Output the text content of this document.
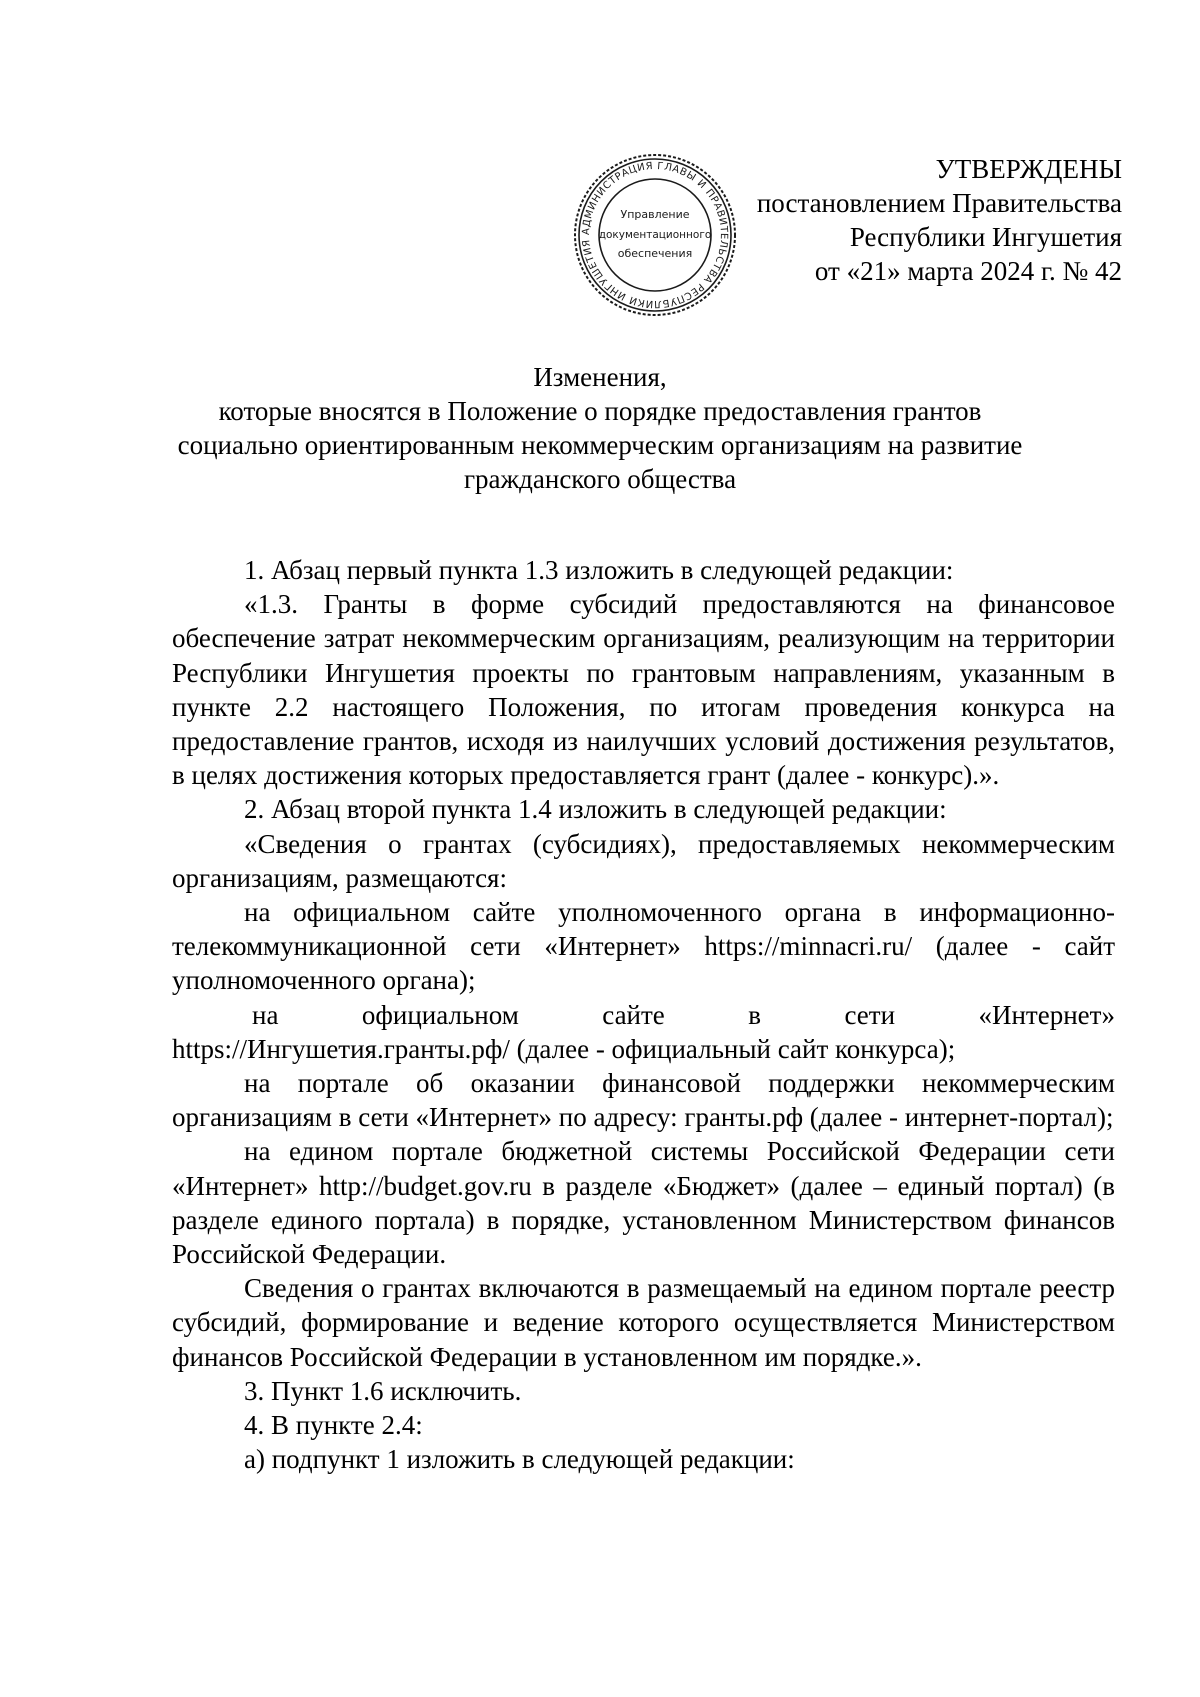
АДМИНИСТРАЦИЯ ГЛАВЫ И ПРАВИТЕЛЬСТВА РЕСПУБЛИКИ ИНГУШЕТИЯ
Управление
документационного
обеспечения
УТВЕРЖДЕНЫ
постановлением Правительства
Республики Ингушетия
от «21» марта 2024 г. № 42
Изменения,
которые вносятся в Положение о порядке предоставления грантов
социально ориентированным некоммерческим организациям на развитие
гражданского общества

1. Абзац первый пункта 1.3 изложить в следующей редакции:

«1.3. Гранты в форме субсидий предоставляются на финансовое обеспечение затрат некоммерческим организациям, реализующим на территории Республики Ингушетия проекты по грантовым направлениям, указанным в пункте 2.2 настоящего Положения, по итогам проведения конкурса на предоставление грантов, исходя из наилучших условий достижения результатов, в целях достижения которых предоставляется грант (далее - конкурс).».

2. Абзац второй пункта 1.4 изложить в следующей редакции:

«Сведения о грантах (субсидиях), предоставляемых некоммерческим организациям, размещаются:

на официальном сайте уполномоченного органа в информационно-телекоммуникационной сети «Интернет» https://minnacri.ru/ (далее - сайт уполномоченного органа);

на	официальном	сайте	в	сети	«Интернет»

https://Ингушетия.гранты.рф/ (далее - официальный сайт конкурса);

на портале об оказании финансовой поддержки некоммерческим организациям в сети «Интернет» по адресу: гранты.рф (далее - интернет-портал);

на едином портале бюджетной системы Российской Федерации сети «Интернет» http://budget.gov.ru в разделе «Бюджет» (далее – единый портал) (в разделе единого портала) в порядке, установленном Министерством финансов Российской Федерации.

Сведения о грантах включаются в размещаемый на едином портале реестр субсидий, формирование и ведение которого осуществляется Министерством финансов Российской Федерации в установленном им порядке.».

3. Пункт 1.6 исключить.

4. В пункте 2.4:

а) подпункт 1 изложить в следующей редакции:
